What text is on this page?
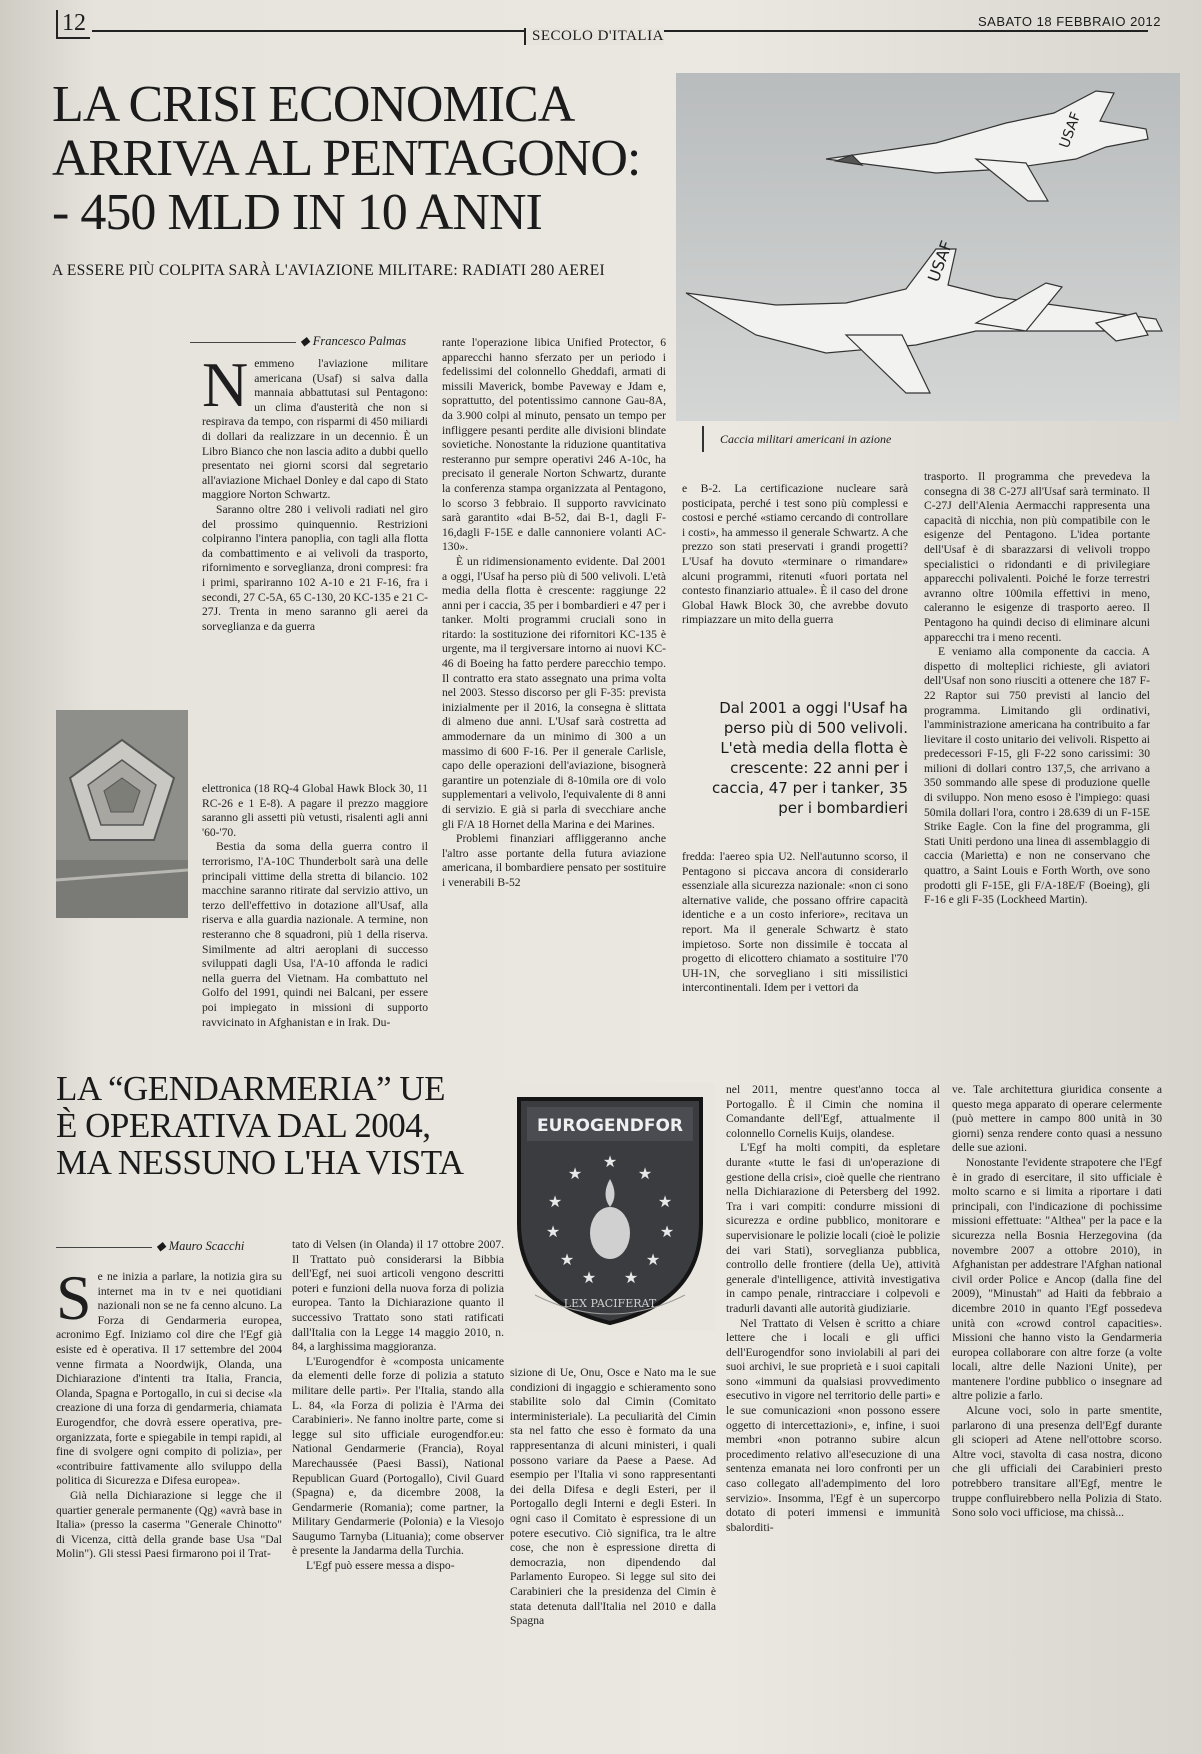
12	SECOLO D'ITALIA
SABATO 18 FEBBRAIO 2012
LA CRISI ECONOMICA
ARRIVA AL PENTAGONO:
- 450 MLD IN 10 ANNI
A ESSERE PIÙ COLPITA SARÀ L'AVIAZIONE MILITARE: RADIATI 280 AEREI
USAF
USAF
Caccia militari americani in azione
◆ Francesco Palmas

Nemmeno l'aviazione militare americana (Usaf) si salva dalla mannaia abbattutasi sul Pentagono: un clima d'austerità che non si respirava da tempo, con risparmi di 450 miliardi di dollari da realizzare in un decennio. È un Libro Bianco che non lascia adito a dubbi quello presentato nei giorni scorsi dal segretario all'aviazione Michael Donley e dal capo di Stato maggiore Norton Schwartz.

Saranno oltre 280 i velivoli radiati nel giro del prossimo quinquennio. Restrizioni colpiranno l'intera panoplia, con tagli alla flotta da combattimento e ai velivoli da trasporto, rifornimento e sorveglianza, droni compresi: fra i primi, spariranno 102 A-10 e 21 F-16, fra i secondi, 27 C-5A, 65 C-130, 20 KC-135 e 21 C-27J. Trenta in meno saranno gli aerei da sorveglianza e da guerra

elettronica (18 RQ-4 Global Hawk Block 30, 11 RC-26 e 1 E-8). A pagare il prezzo maggiore saranno gli assetti più vetusti, risalenti agli anni '60-'70.

Bestia da soma della guerra contro il terrorismo, l'A-10C Thunderbolt sarà una delle principali vittime della stretta di bilancio. 102 macchine saranno ritirate dal servizio attivo, un terzo dell'effettivo in dotazione all'Usaf, alla riserva e alla guardia nazionale. A termine, non resteranno che 8 squadroni, più 1 della riserva. Similmente ad altri aeroplani di successo sviluppati dagli Usa, l'A-10 affonda le radici nella guerra del Vietnam. Ha combattuto nel Golfo del 1991, quindi nei Balcani, per essere poi impiegato in missioni di supporto ravvicinato in Afghanistan e in Irak. Du-

rante l'operazione libica Unified Protector, 6 apparecchi hanno sferzato per un periodo i fedelissimi del colonnello Gheddafi, armati di missili Maverick, bombe Paveway e Jdam e, soprattutto, del potentissimo cannone Gau-8A, da 3.900 colpi al minuto, pensato un tempo per infliggere pesanti perdite alle divisioni blindate sovietiche. Nonostante la riduzione quantitativa resteranno pur sempre operativi 246 A-10c, ha precisato il generale Norton Schwartz, durante la conferenza stampa organizzata al Pentagono, lo scorso 3 febbraio. Il supporto ravvicinato sarà garantito «dai B-52, dai B-1, dagli F-16,dagli F-15E e dalle cannoniere volanti AC-130».

È un ridimensionamento evidente. Dal 2001 a oggi, l'Usaf ha perso più di 500 velivoli. L'età media della flotta è crescente: raggiunge 22 anni per i caccia, 35 per i bombardieri e 47 per i tanker. Molti programmi cruciali sono in ritardo: la sostituzione dei rifornitori KC-135 è urgente, ma il tergiversare intorno ai nuovi KC-46 di Boeing ha fatto perdere parecchio tempo. Il contratto era stato assegnato una prima volta nel 2003. Stesso discorso per gli F-35: prevista inizialmente per il 2016, la consegna è slittata di almeno due anni. L'Usaf sarà costretta ad ammodernare da un minimo di 300 a un massimo di 600 F-16. Per il generale Carlisle, capo delle operazioni dell'aviazione, bisognerà garantire un potenziale di 8-10mila ore di volo supplementari a velivolo, l'equivalente di 8 anni di servizio. E già si parla di svecchiare anche gli F/A 18 Hornet della Marina e dei Marines.

Problemi finanziari affliggeranno anche l'altro asse portante della futura aviazione americana, il bombardiere pensato per sostituire i venerabili B-52

e B-2. La certificazione nucleare sarà posticipata, perché i test sono più complessi e costosi e perché «stiamo cercando di controllare i costi», ha ammesso il generale Schwartz. A che prezzo son stati preservati i grandi progetti? L'Usaf ha dovuto «terminare o rimandare» alcuni programmi, ritenuti «fuori portata nel contesto finanziario attuale». È il caso del drone Global Hawk Block 30, che avrebbe dovuto rimpiazzare un mito della guerra

Dal 2001 a oggi l'Usaf ha perso più di 500 velivoli. L'età media della flotta è crescente: 22 anni per i caccia, 47 per i tanker, 35 per i bombardieri

fredda: l'aereo spia U2. Nell'autunno scorso, il Pentagono si piccava ancora di considerarlo essenziale alla sicurezza nazionale: «non ci sono alternative valide, che possano offrire capacità identiche e a un costo inferiore», recitava un report. Ma il generale Schwartz è stato impietoso. Sorte non dissimile è toccata al progetto di elicottero chiamato a sostituire l'70 UH-1N, che sorvegliano i siti missilistici intercontinentali. Idem per i vettori da

trasporto. Il programma che prevedeva la consegna di 38 C-27J all'Usaf sarà terminato. Il C-27J dell'Alenia Aermacchi rappresenta una capacità di nicchia, non più compatibile con le esigenze del Pentagono. L'idea portante dell'Usaf è di sbarazzarsi di velivoli troppo specialistici o ridondanti e di privilegiare apparecchi polivalenti. Poiché le forze terrestri avranno oltre 100mila effettivi in meno, caleranno le esigenze di trasporto aereo. Il Pentagono ha quindi deciso di eliminare alcuni apparecchi tra i meno recenti.

E veniamo alla componente da caccia. A dispetto di molteplici richieste, gli aviatori dell'Usaf non sono riusciti a ottenere che 187 F-22 Raptor sui 750 previsti al lancio del programma. Limitando gli ordinativi, l'amministrazione americana ha contribuito a far lievitare il costo unitario dei velivoli. Rispetto ai predecessori F-15, gli F-22 sono carissimi: 30 milioni di dollari contro 137,5, che arrivano a 350 sommando alle spese di produzione quelle di sviluppo. Non meno esoso è l'impiego: quasi 50mila dollari l'ora, contro i 28.639 di un F-15E Strike Eagle. Con la fine del programma, gli Stati Uniti perdono una linea di assemblaggio di caccia (Marietta) e non ne conservano che quattro, a Saint Louis e Forth Worth, ove sono prodotti gli F-15E, gli F/A-18E/F (Boeing), gli F-16 e gli F-35 (Lockheed Martin).

LA “GENDARMERIA” UE
È OPERATIVA DAL 2004,
MA NESSUNO L'HA VISTA
EUROGENDFOR
★
★	★
★	★
★	★
★	★
★ ★
LEX PACIFERAT
◆ Mauro Scacchi

Se ne inizia a parlare, la notizia gira su internet ma in tv e nei quotidiani nazionali non se ne fa cenno alcuno. La Forza di Gendarmeria europea, acronimo Egf. Iniziamo col dire che l'Egf già esiste ed è operativa. Il 17 settembre del 2004 venne firmata a Noordwijk, Olanda, una Dichiarazione d'intenti tra Italia, Francia, Olanda, Spagna e Portogallo, in cui si decise «la creazione di una forza di gendarmeria, chiamata Eurogendfor, che dovrà essere operativa, pre-organizzata, forte e spiegabile in tempi rapidi, al fine di svolgere ogni compito di polizia», per «contribuire fattivamente allo sviluppo della politica di Sicurezza e Difesa europea».

Già nella Dichiarazione si legge che il quartier generale permanente (Qg) «avrà base in Italia» (presso la caserma "Generale Chinotto" di Vicenza, città della grande base Usa "Dal Molin"). Gli stessi Paesi firmarono poi il Trat-

tato di Velsen (in Olanda) il 17 ottobre 2007. Il Trattato può considerarsi la Bibbia dell'Egf, nei suoi articoli vengono descritti poteri e funzioni della nuova forza di polizia europea. Tanto la Dichiarazione quanto il successivo Trattato sono stati ratificati dall'Italia con la Legge 14 maggio 2010, n. 84, a larghissima maggioranza.

L'Eurogendfor è «composta unicamente da elementi delle forze di polizia a statuto militare delle parti». Per l'Italia, stando alla L. 84, «la Forza di polizia è l'Arma dei Carabinieri». Ne fanno inoltre parte, come si legge sul sito ufficiale eurogendfor.eu: National Gendarmerie (Francia), Royal Marechaussée (Paesi Bassi), National Republican Guard (Portogallo), Civil Guard (Spagna) e, da dicembre 2008, la Gendarmerie (Romania); come partner, la Military Gendarmerie (Polonia) e la Viesojo Saugumo Tarnyba (Lituania); come observer è presente la Jandarma della Turchia.

L'Egf può essere messa a dispo-

sizione di Ue, Onu, Osce e Nato ma le sue condizioni di ingaggio e schieramento sono stabilite solo dal Cimin (Comitato interministeriale). La peculiarità del Cimin sta nel fatto che esso è formato da una rappresentanza di alcuni ministeri, i quali possono variare da Paese a Paese. Ad esempio per l'Italia vi sono rappresentanti dei della Difesa e degli Esteri, per il Portogallo degli Interni e degli Esteri. In ogni caso il Comitato è espressione di un potere esecutivo. Ciò significa, tra le altre cose, che non è espressione diretta di democrazia, non dipendendo dal Parlamento Europeo. Si legge sul sito dei Carabinieri che la presidenza del Cimin è stata detenuta dall'Italia nel 2010 e dalla Spagna

nel 2011, mentre quest'anno tocca al Portogallo. È il Cimin che nomina il Comandante dell'Egf, attualmente il colonnello Cornelis Kuijs, olandese.

L'Egf ha molti compiti, da espletare durante «tutte le fasi di un'operazione di gestione della crisi», cioè quelle che rientrano nella Dichiarazione di Petersberg del 1992. Tra i vari compiti: condurre missioni di sicurezza e ordine pubblico, monitorare e supervisionare le polizie locali (cioè le polizie dei vari Stati), sorveglianza pubblica, controllo delle frontiere (della Ue), attività generale d'intelligence, attività investigativa in campo penale, rintracciare i colpevoli e tradurli davanti alle autorità giudiziarie.

Nel Trattato di Velsen è scritto a chiare lettere che i locali e gli uffici dell'Eurogendfor sono inviolabili al pari dei suoi archivi, le sue proprietà e i suoi capitali sono «immuni da qualsiasi provvedimento esecutivo in vigore nel territorio delle parti» e le sue comunicazioni «non possono essere oggetto di intercettazioni», e, infine, i suoi membri «non potranno subire alcun procedimento relativo all'esecuzione di una sentenza emanata nei loro confronti per un caso collegato all'adempimento del loro servizio». Insomma, l'Egf è un supercorpo dotato di poteri immensi e immunità sbalorditi-

ve. Tale architettura giuridica consente a questo mega apparato di operare celermente (può mettere in campo 800 unità in 30 giorni) senza rendere conto quasi a nessuno delle sue azioni.

Nonostante l'evidente strapotere che l'Egf è in grado di esercitare, il sito ufficiale è molto scarno e si limita a riportare i dati principali, con l'indicazione di pochissime missioni effettuate: "Althea" per la pace e la sicurezza nella Bosnia Herzegovina (da novembre 2007 a ottobre 2010), in Afghanistan per addestrare l'Afghan national civil order Police e Ancop (dalla fine del 2009), "Minustah" ad Haiti da febbraio a dicembre 2010 in quanto l'Egf possedeva unità con «crowd control capacities». Missioni che hanno visto la Gendarmeria europea collaborare con altre forze (a volte locali, altre delle Nazioni Unite), per mantenere l'ordine pubblico o insegnare ad altre polizie a farlo.

Alcune voci, solo in parte smentite, parlarono di una presenza dell'Egf durante gli scioperi ad Atene nell'ottobre scorso. Altre voci, stavolta di casa nostra, dicono che gli ufficiali dei Carabinieri presto potrebbero transitare all'Egf, mentre le truppe confluirebbero nella Polizia di Stato. Sono solo voci ufficiose, ma chissà...
